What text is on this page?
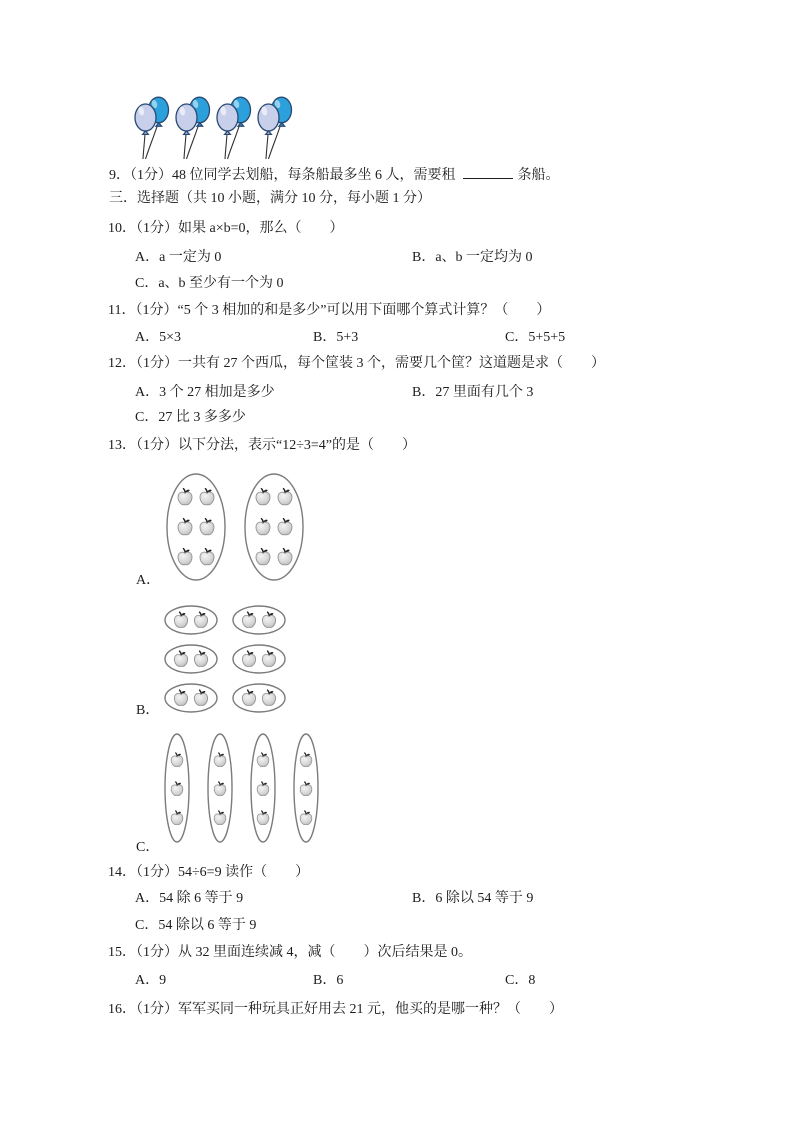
9．（1分）48 位同学去划船，每条船最多坐 6 人，需要租	条船。
三．选择题（共 10 小题，满分 10 分，每小题 1 分）
10．（1分）如果 a×b=0，那么（　　）
A．a 一定为 0	B．a、b 一定均为 0
C．a、b 至少有一个为 0
11．（1分）“5 个 3 相加的和是多少”可以用下面哪个算式计算？（　　）
A．5×3	B．5+3	C．5+5+5
12．（1分）一共有 27 个西瓜，每个筐装 3 个，需要几个筐？这道题是求（　　）
A．3 个 27 相加是多少	B．27 里面有几个 3
C．27 比 3 多多少
13．（1分）以下分法，表示“12÷3=4”的是（　　）
A．
B．
C．
14．（1分）54÷6=9 读作（　　）
A．54 除 6 等于 9	B．6 除以 54 等于 9
C．54 除以 6 等于 9
15．（1分）从 32 里面连续减 4，减（　　）次后结果是 0。
A．9	B．6	C．8
16．（1分）军军买同一种玩具正好用去 21 元，他买的是哪一种？（　　）
